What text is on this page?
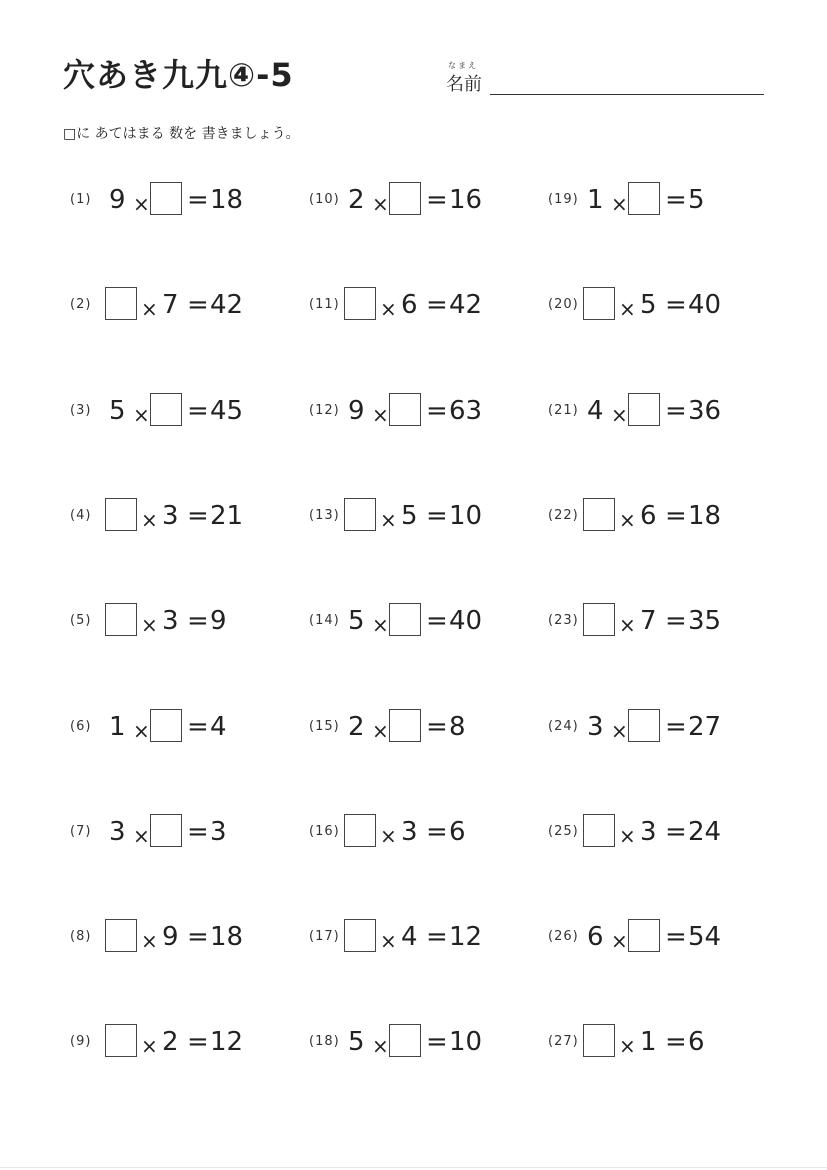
穴あき九九④-5	なまえ
名前
□に あてはまる 数を 書きましょう。
(1) 9 × = 18
(2) × 7 = 42
(3) 5 × = 45
(4) × 3 = 21
(5) × 3 = 9
(6) 1 × = 4
(7) 3 × = 3
(8) × 9 = 18
(9) × 2 = 12
(10) 2 × = 16
(11) × 6 = 42
(12) 9 × = 63
(13) × 5 = 10
(14) 5 × = 40
(15) 2 × = 8
(16) × 3 = 6
(17) × 4 = 12
(18) 5 × = 10
(19) 1 × = 5
(20) × 5 = 40
(21) 4 × = 36
(22) × 6 = 18
(23) × 7 = 35
(24) 3 × = 27
(25) × 3 = 24
(26) 6 × = 54
(27) × 1 = 6
